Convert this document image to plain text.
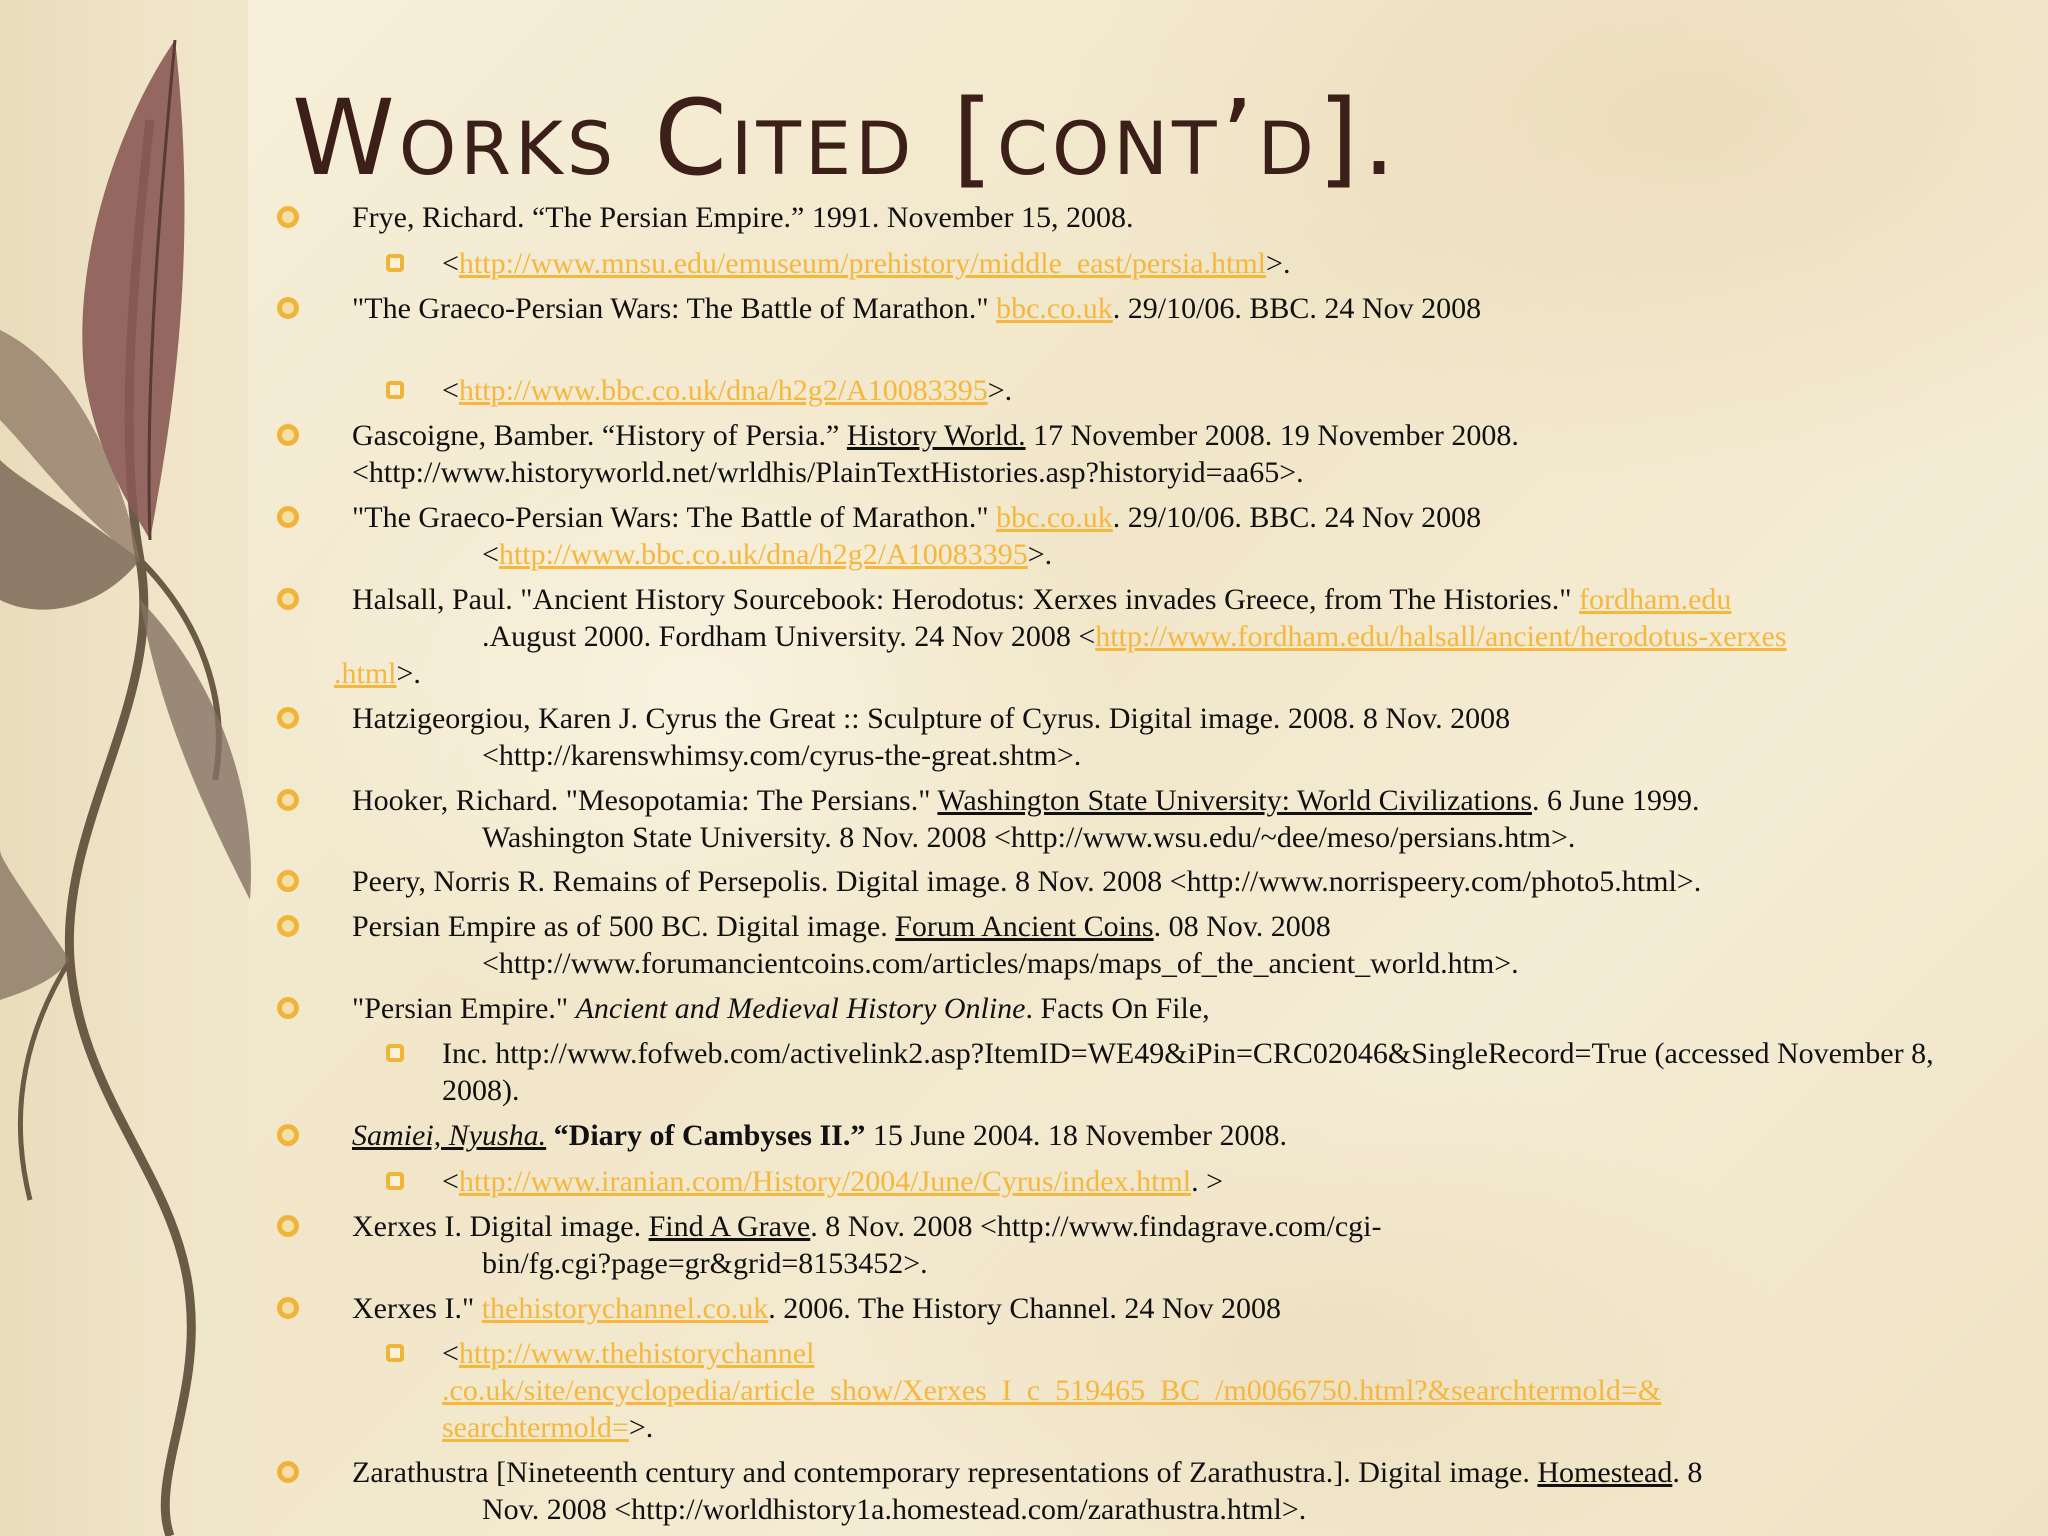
Works Cited [cont’d].
Frye, Richard. “The Persian Empire.” 1991. November 15, 2008.
<http://www.mnsu.edu/emuseum/prehistory/middle_east/persia.html>.
"The Graeco-Persian Wars: The Battle of Marathon." bbc.co.uk. 29/10/06. BBC. 24 Nov 2008
<http://www.bbc.co.uk/dna/h2g2/A10083395>.
Gascoigne, Bamber. “History of Persia.” History World. 17 November 2008. 19 November 2008.
<http://www.historyworld.net/wrldhis/PlainTextHistories.asp?historyid=aa65>.
"The Graeco-Persian Wars: The Battle of Marathon." bbc.co.uk. 29/10/06. BBC. 24 Nov 2008
<http://www.bbc.co.uk/dna/h2g2/A10083395>.
Halsall, Paul. "Ancient History Sourcebook: Herodotus: Xerxes invades Greece, from The Histories." fordham.edu
.August 2000. Fordham University. 24 Nov 2008 <http://www.fordham.edu/halsall/ancient/herodotus-xerxes
.html>.
Hatzigeorgiou, Karen J. Cyrus the Great :: Sculpture of Cyrus. Digital image. 2008. 8 Nov. 2008
<http://karenswhimsy.com/cyrus-the-great.shtm>.
Hooker, Richard. "Mesopotamia: The Persians." Washington State University: World Civilizations. 6 June 1999.
Washington State University. 8 Nov. 2008 <http://www.wsu.edu/~dee/meso/persians.htm>.
Peery, Norris R. Remains of Persepolis. Digital image. 8 Nov. 2008 <http://www.norrispeery.com/photo5.html>.
Persian Empire as of 500 BC. Digital image. Forum Ancient Coins. 08 Nov. 2008
<http://www.forumancientcoins.com/articles/maps/maps_of_the_ancient_world.htm>.
"Persian Empire." Ancient and Medieval History Online. Facts On File,
Inc. http://www.fofweb.com/activelink2.asp?ItemID=WE49&iPin=CRC02046&SingleRecord=True (accessed November 8, 2008).
Samiei, Nyusha. “Diary of Cambyses II.” 15 June 2004. 18 November 2008.
<http://www.iranian.com/History/2004/June/Cyrus/index.html. >
Xerxes I. Digital image. Find A Grave. 8 Nov. 2008 <http://www.findagrave.com/cgi-
bin/fg.cgi?page=gr&grid=8153452>.
Xerxes I." thehistorychannel.co.uk. 2006. The History Channel. 24 Nov 2008
<http://www.thehistorychannel
.co.uk/site/encyclopedia/article_show/Xerxes_I_c_519465_BC_/m0066750.html?&searchtermold=&
searchtermold=>.
Zarathustra [Nineteenth century and contemporary representations of Zarathustra.]. Digital image. Homestead. 8
Nov. 2008 <http://worldhistory1a.homestead.com/zarathustra.html>.
